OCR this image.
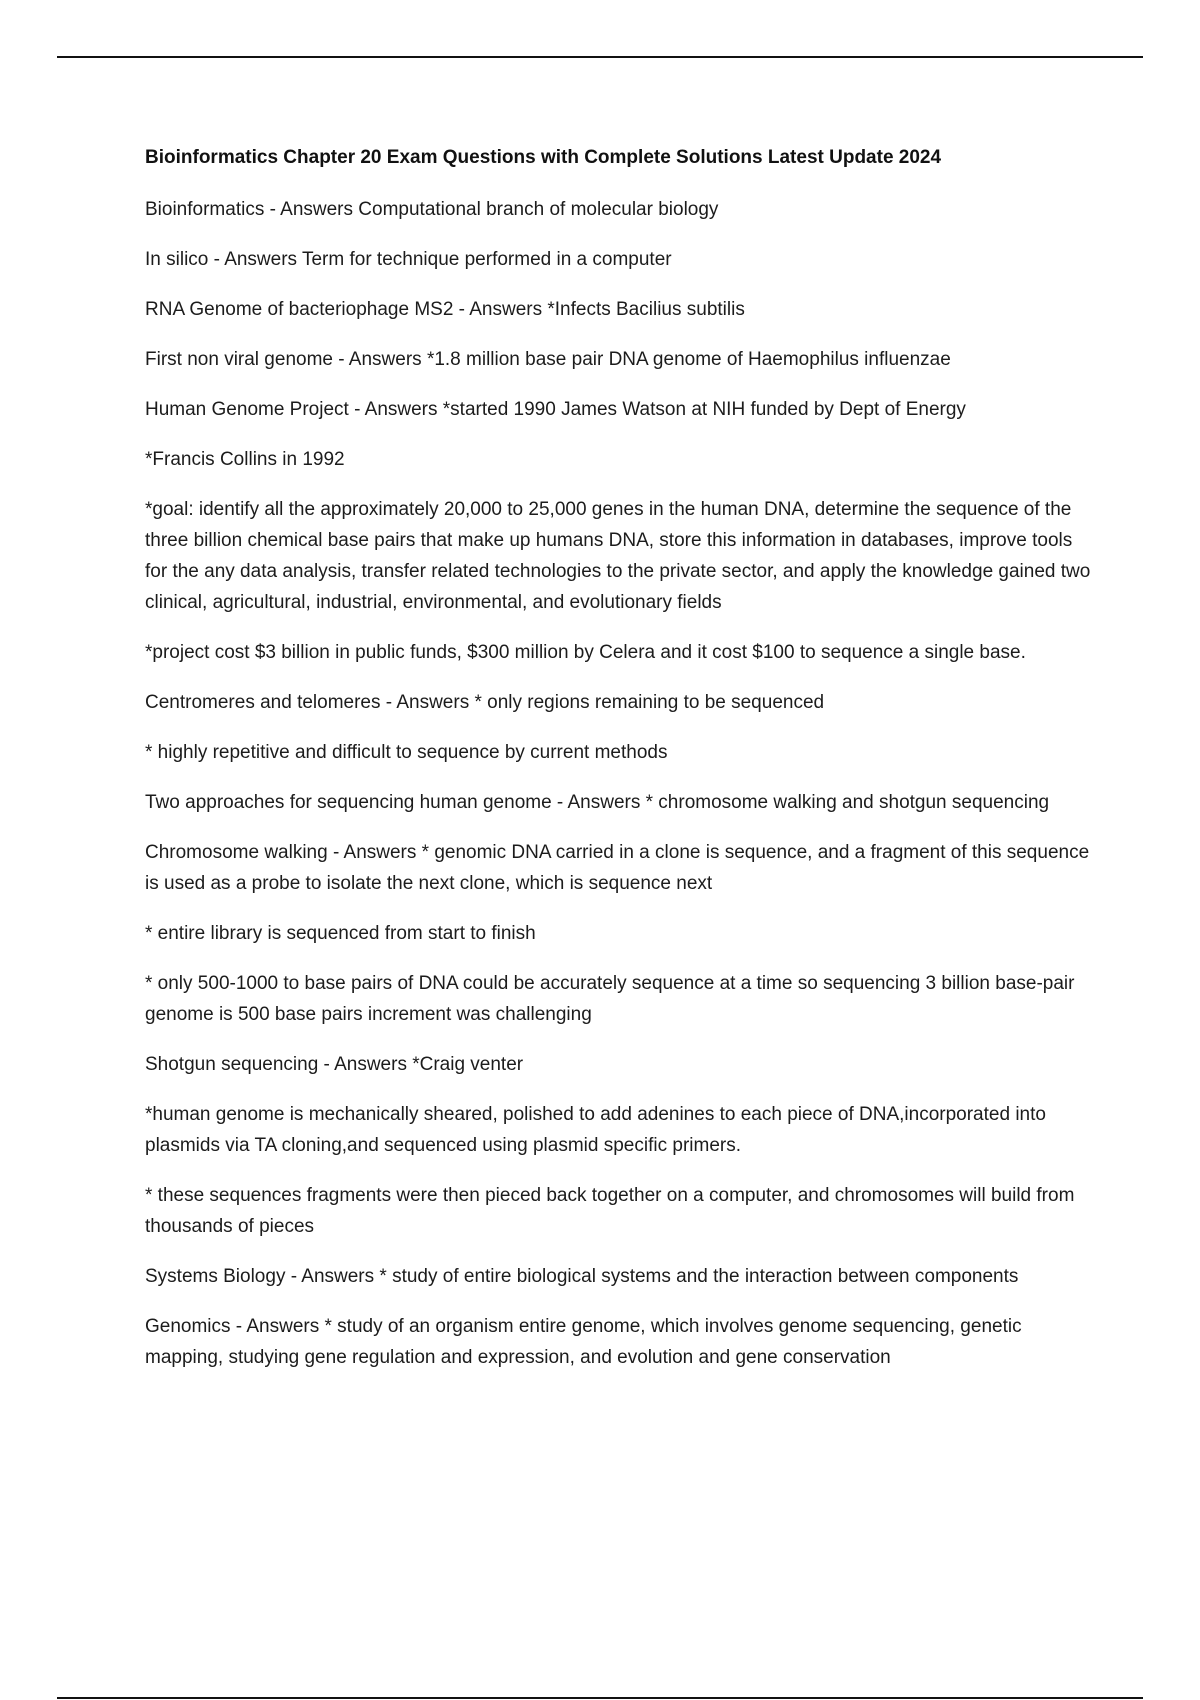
Bioinformatics Chapter 20 Exam Questions with Complete Solutions Latest Update 2024
Bioinformatics - Answers Computational branch of molecular biology
In silico - Answers Term for technique performed in a computer
RNA Genome of bacteriophage MS2 - Answers *Infects Bacilius subtilis
First non viral genome - Answers *1.8 million base pair DNA genome of Haemophilus influenzae
Human Genome Project - Answers *started 1990 James Watson at NIH funded by Dept of Energy
*Francis Collins in 1992
*goal: identify all the approximately 20,000 to 25,000 genes in the human DNA, determine the sequence of the three billion chemical base pairs that make up humans DNA, store this information in databases, improve tools for the any data analysis, transfer related technologies to the private sector, and apply the knowledge gained two clinical, agricultural, industrial, environmental, and evolutionary fields
*project cost $3 billion in public funds, $300 million by Celera and it cost $100 to sequence a single base.
Centromeres and telomeres - Answers * only regions remaining to be sequenced
* highly repetitive and difficult to sequence by current methods
Two approaches for sequencing human genome - Answers * chromosome walking and shotgun sequencing
Chromosome walking - Answers * genomic DNA carried in a clone is sequence, and a fragment of this sequence is used as a probe to isolate the next clone, which is sequence next
* entire library is sequenced from start to finish
* only 500-1000 to base pairs of DNA could be accurately sequence at a time so sequencing 3 billion base-pair genome is 500 base pairs increment was challenging
Shotgun sequencing - Answers *Craig venter
*human genome is mechanically sheared, polished to add adenines to each piece of DNA,incorporated into plasmids via TA cloning,and sequenced using plasmid specific primers.
* these sequences fragments were then pieced back together on a computer, and chromosomes will build from thousands of pieces
Systems Biology - Answers * study of entire biological systems and the interaction between components
Genomics - Answers * study of an organism entire genome, which involves genome sequencing, genetic mapping, studying gene regulation and expression, and evolution and gene conservation
